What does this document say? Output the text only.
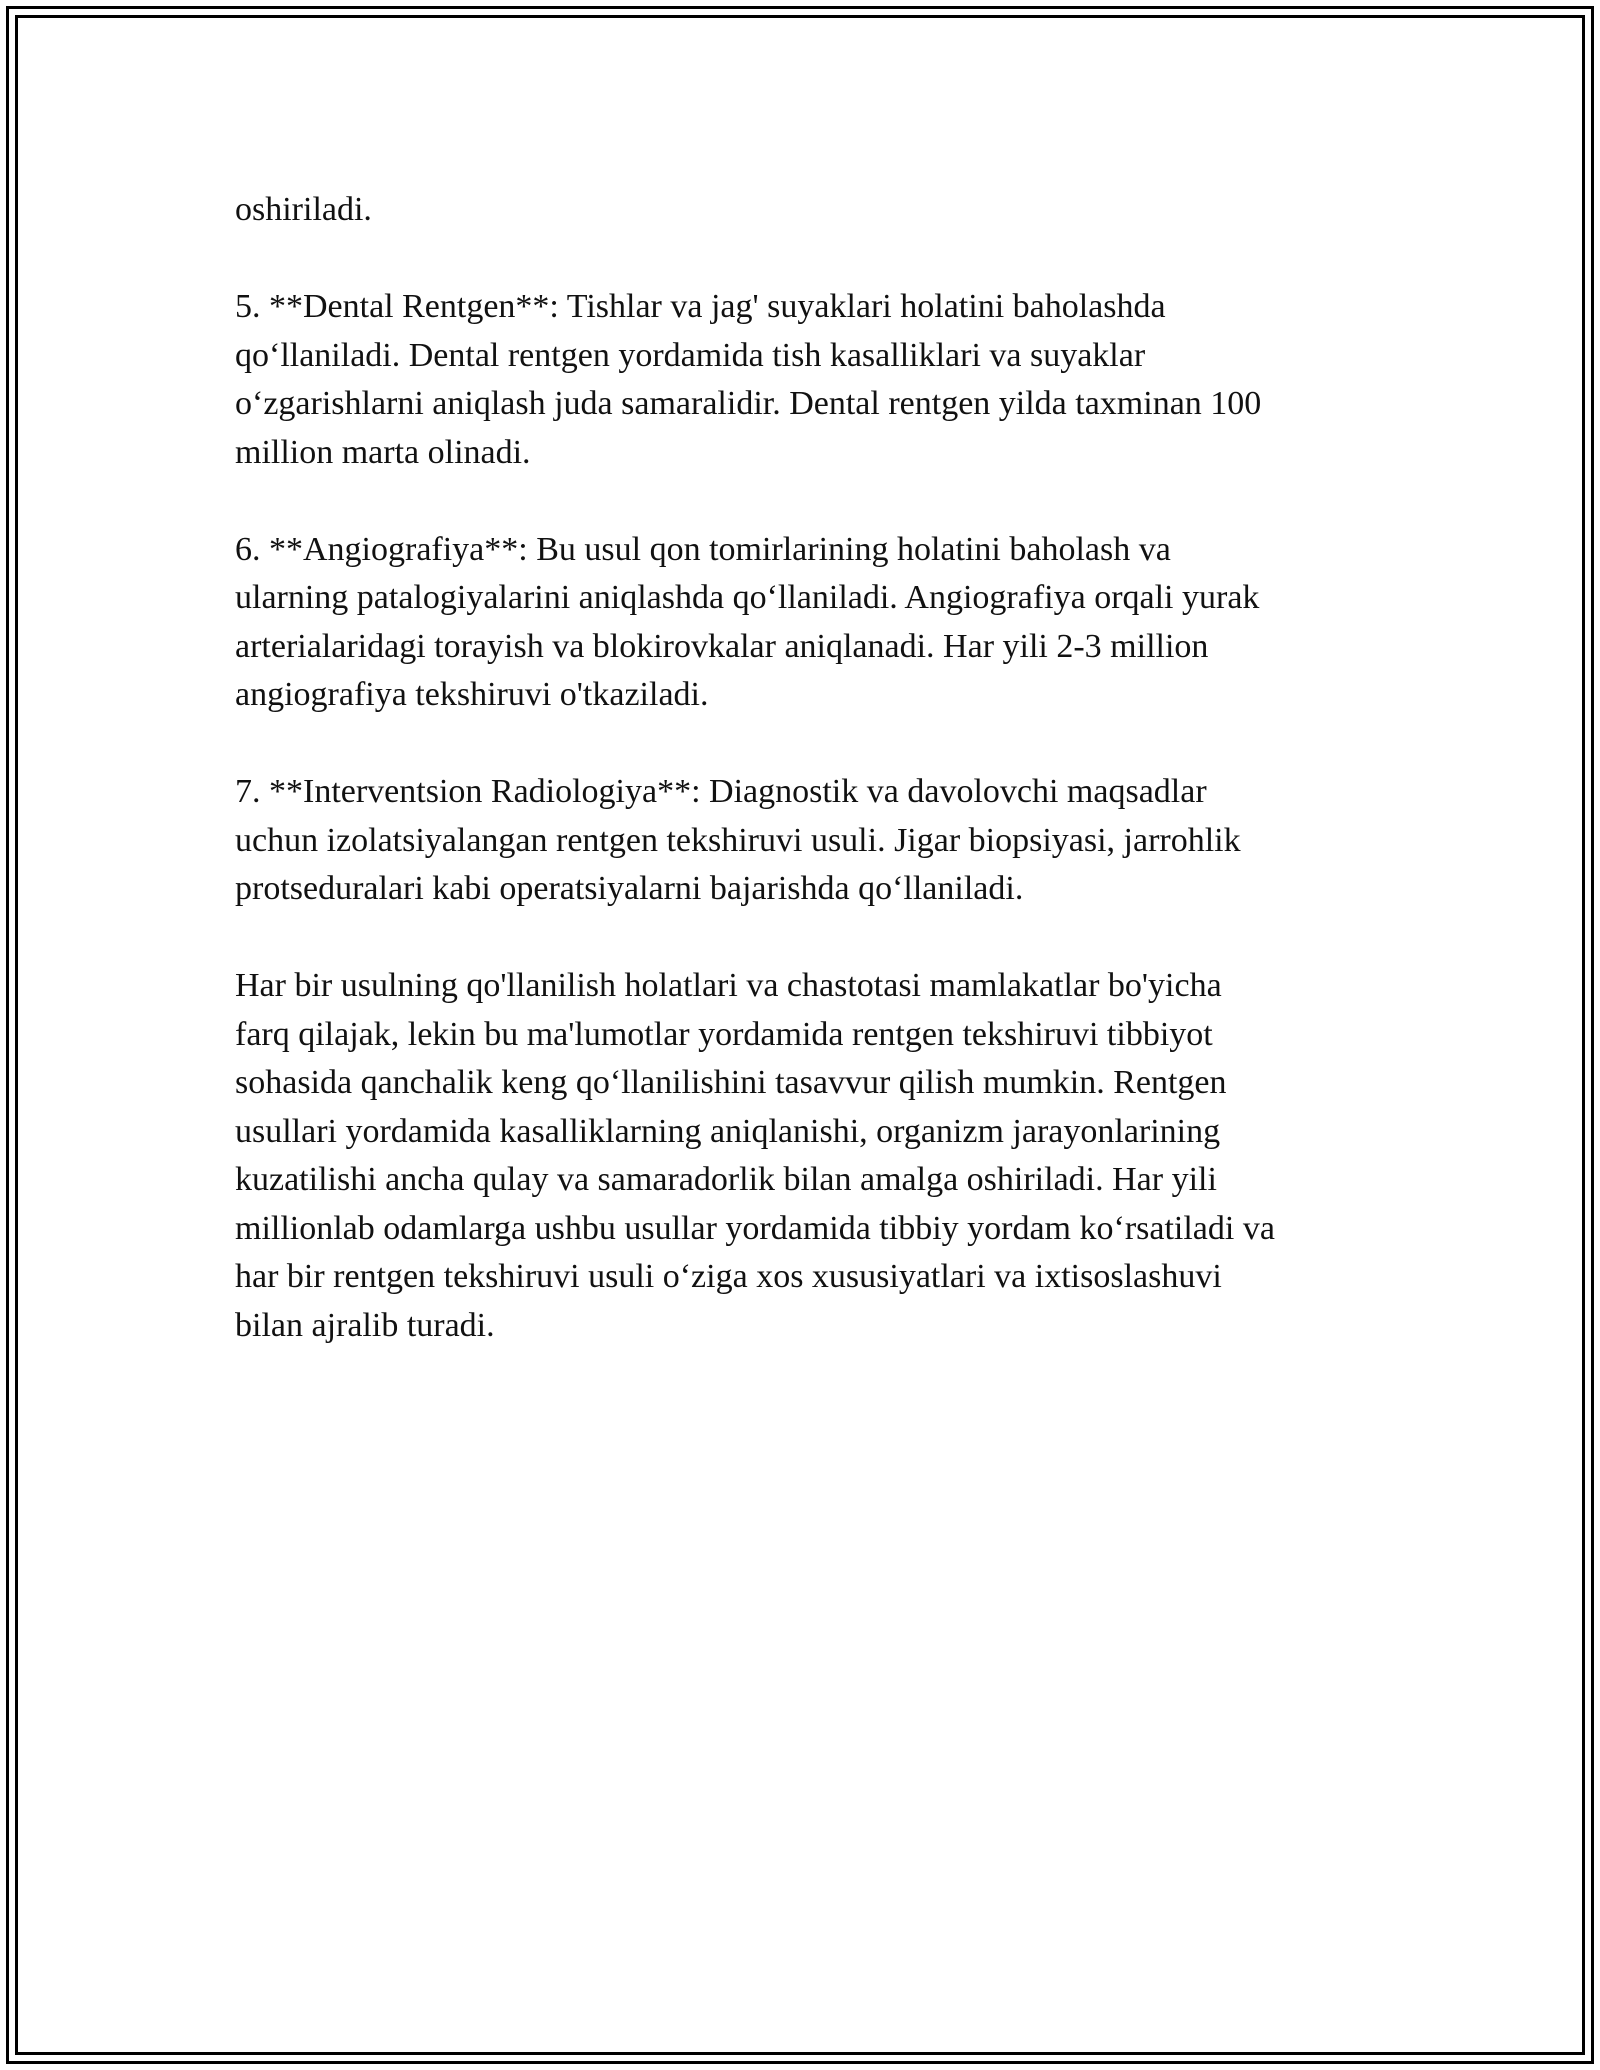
oshiriladi.

5. **Dental Rentgen**: Tishlar va jag' suyaklari holatini baholashda
qo‘llaniladi. Dental rentgen yordamida tish kasalliklari va suyaklar
o‘zgarishlarni aniqlash juda samaralidir. Dental rentgen yilda taxminan 100
million marta olinadi.

6. **Angiografiya**: Bu usul qon tomirlarining holatini baholash va
ularning patalogiyalarini aniqlashda qo‘llaniladi. Angiografiya orqali yurak
arterialaridagi torayish va blokirovkalar aniqlanadi. Har yili 2-3 million
angiografiya tekshiruvi o'tkaziladi.

7. **Interventsion Radiologiya**: Diagnostik va davolovchi maqsadlar
uchun izolatsiyalangan rentgen tekshiruvi usuli. Jigar biopsiyasi, jarrohlik
protseduralari kabi operatsiyalarni bajarishda qo‘llaniladi.

Har bir usulning qo'llanilish holatlari va chastotasi mamlakatlar bo'yicha
farq qilajak, lekin bu ma'lumotlar yordamida rentgen tekshiruvi tibbiyot
sohasida qanchalik keng qo‘llanilishini tasavvur qilish mumkin. Rentgen
usullari yordamida kasalliklarning aniqlanishi, organizm jarayonlarining
kuzatilishi ancha qulay va samaradorlik bilan amalga oshiriladi. Har yili
millionlab odamlarga ushbu usullar yordamida tibbiy yordam ko‘rsatiladi va
har bir rentgen tekshiruvi usuli o‘ziga xos xususiyatlari va ixtisoslashuvi
bilan ajralib turadi.
